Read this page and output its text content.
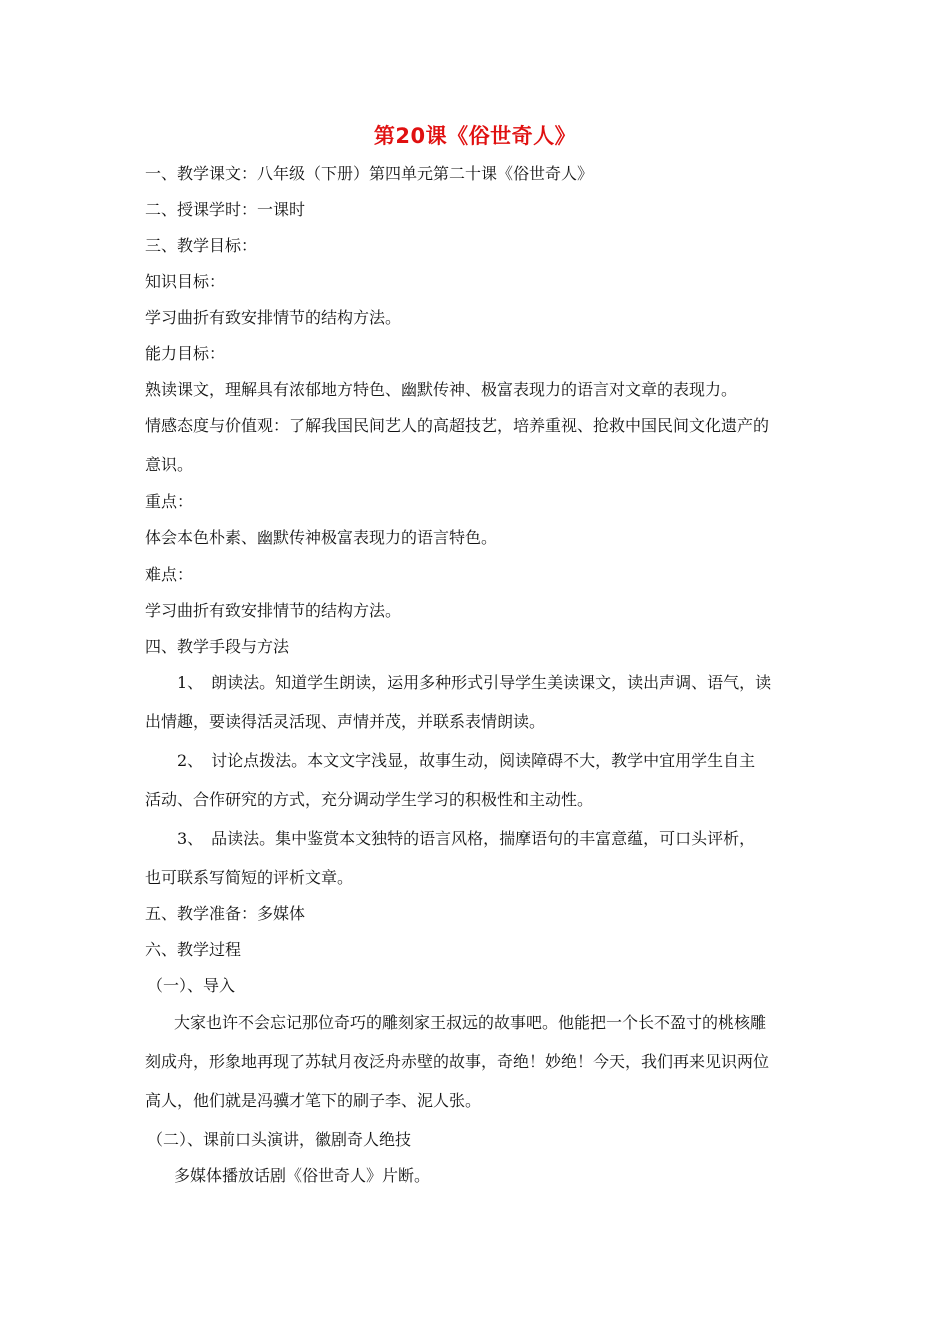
第20课《俗世奇人》
一、教学课文：八年级（下册）第四单元第二十课《俗世奇人》
二、授课学时：一课时
三、教学目标：
知识目标：
学习曲折有致安排情节的结构方法。
能力目标：
熟读课文，理解具有浓郁地方特色、幽默传神、极富表现力的语言对文章的表现力。
情感态度与价值观：了解我国民间艺人的高超技艺，培养重视、抢救中国民间文化遗产的
意识。
重点：
体会本色朴素、幽默传神极富表现力的语言特色。
难点：
学习曲折有致安排情节的结构方法。
四、教学手段与方法
1、　朗读法。知道学生朗读，运用多种形式引导学生美读课文，读出声调、语气，读
出情趣，要读得活灵活现、声情并茂，并联系表情朗读。
2、　讨论点拨法。本文文字浅显，故事生动，阅读障碍不大，教学中宜用学生自主
活动、合作研究的方式，充分调动学生学习的积极性和主动性。
3、　品读法。集中鉴赏本文独特的语言风格，揣摩语句的丰富意蕴，可口头评析，
也可联系写简短的评析文章。
五、教学准备：多媒体
六、教学过程
（一）、导入
大家也许不会忘记那位奇巧的雕刻家王叔远的故事吧。他能把一个长不盈寸的桃核雕
刻成舟，形象地再现了苏轼月夜泛舟赤壁的故事，奇绝！妙绝！今天，我们再来见识两位
高人，他们就是冯骥才笔下的刷子李、泥人张。
（二）、课前口头演讲，徽剧奇人绝技
多媒体播放话剧《俗世奇人》片断。
